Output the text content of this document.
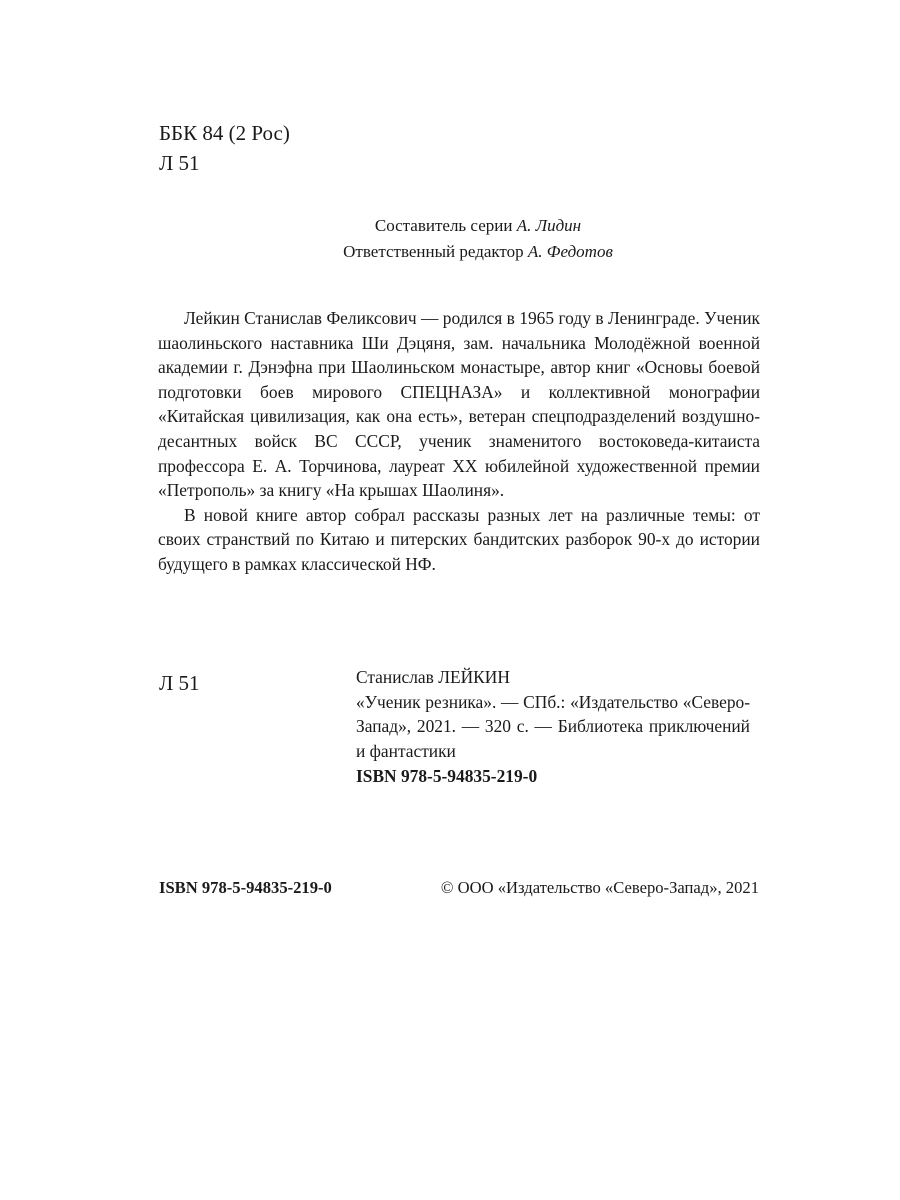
ББК 84 (2 Рос)
Л 51
Составитель серии А. Лидин
Ответственный редактор А. Федотов

Лейкин Станислав Феликсович — родился в 1965 году в Ленинграде. Ученик шаолиньского наставника Ши Дэцяня, зам. начальника Молодёжной военной академии г. Дэнэфна при Шаолиньском монастыре, автор книг «Основы боевой подготовки боев мирового СПЕЦНАЗА» и коллективной монографии «Китайская цивилизация, как она есть», ветеран спецподразделений воздушно-десантных войск ВС СССР, ученик знаменитого востоковеда-китаиста профессора Е. А. Торчинова, лауреат XX юбилейной художественной премии «Петрополь» за книгу «На крышах Шаолиня».

В новой книге автор собрал рассказы разных лет на различные темы: от своих странствий по Китаю и питерских бандитских разборок 90-х до истории будущего в рамках классической НФ.

Л 51	Станислав ЛЕЙКИН
«Ученик резника». — СПб.: «Издательство «Северо-Запад», 2021. — 320 с. — Библиотека приключений и фантастики
ISBN 978-5-94835-219-0
ISBN 978-5-94835-219-0	© ООО «Издательство «Северо-Запад», 2021
